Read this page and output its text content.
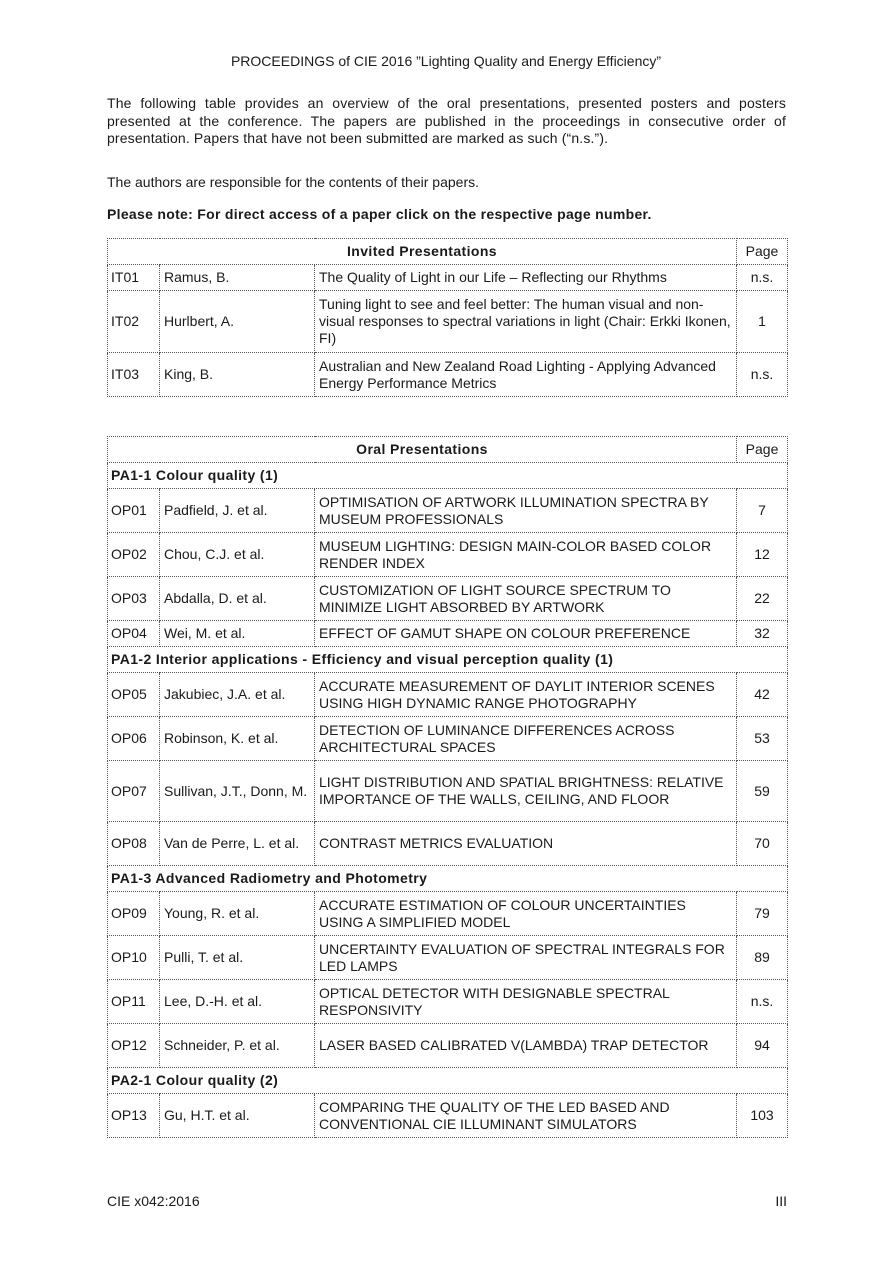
PROCEEDINGS of CIE 2016 ”Lighting Quality and Energy Efficiency”

The following table provides an overview of the oral presentations, presented posters and posters presented at the conference. The papers are published in the proceedings in consecutive order of presentation. Papers that have not been submitted are marked as such (“n.s.”).

The authors are responsible for the contents of their papers.

Please note: For direct access of a paper click on the respective page number.

Invited Presentations			Page
IT01	Ramus, B.	The Quality of Light in our Life – Reflecting our Rhythms	n.s.
IT02	Hurlbert, A.	Tuning light to see and feel better: The human visual and non-visual responses to spectral variations in light (Chair: Erkki Ikonen, FI)	1
IT03	King, B.	Australian and New Zealand Road Lighting - Applying Advanced Energy Performance Metrics	n.s.
Oral Presentations			Page
PA1-1 Colour quality (1)			
OP01	Padfield, J. et al.	OPTIMISATION OF ARTWORK ILLUMINATION SPECTRA BY MUSEUM PROFESSIONALS	7
OP02	Chou, C.J. et al.	MUSEUM LIGHTING: DESIGN MAIN-COLOR BASED COLOR RENDER INDEX	12
OP03	Abdalla, D. et al.	CUSTOMIZATION OF LIGHT SOURCE SPECTRUM TO MINIMIZE LIGHT ABSORBED BY ARTWORK	22
OP04	Wei, M. et al.	EFFECT OF GAMUT SHAPE ON COLOUR PREFERENCE	32
PA1-2 Interior applications - Efficiency and visual perception quality (1)			
OP05	Jakubiec, J.A. et al.	ACCURATE MEASUREMENT OF DAYLIT INTERIOR SCENES USING HIGH DYNAMIC RANGE PHOTOGRAPHY	42
OP06	Robinson, K. et al.	DETECTION OF LUMINANCE DIFFERENCES ACROSS ARCHITECTURAL SPACES	53
OP07	Sullivan, J.T., Donn, M.	LIGHT DISTRIBUTION AND SPATIAL BRIGHTNESS: RELATIVE IMPORTANCE OF THE WALLS, CEILING, AND FLOOR	59
OP08	Van de Perre, L. et al.	CONTRAST METRICS EVALUATION	70
PA1-3 Advanced Radiometry and Photometry			
OP09	Young, R. et al.	ACCURATE ESTIMATION OF COLOUR UNCERTAINTIES USING A SIMPLIFIED MODEL	79
OP10	Pulli, T. et al.	UNCERTAINTY EVALUATION OF SPECTRAL INTEGRALS FOR LED LAMPS	89
OP11	Lee, D.-H. et al.	OPTICAL DETECTOR WITH DESIGNABLE SPECTRAL RESPONSIVITY	n.s.
OP12	Schneider, P. et al.	LASER BASED CALIBRATED V(LAMBDA) TRAP DETECTOR	94
PA2-1 Colour quality (2)			
OP13	Gu, H.T. et al.	COMPARING THE QUALITY OF THE LED BASED AND CONVENTIONAL CIE ILLUMINANT SIMULATORS	103
CIE x042:2016	III
